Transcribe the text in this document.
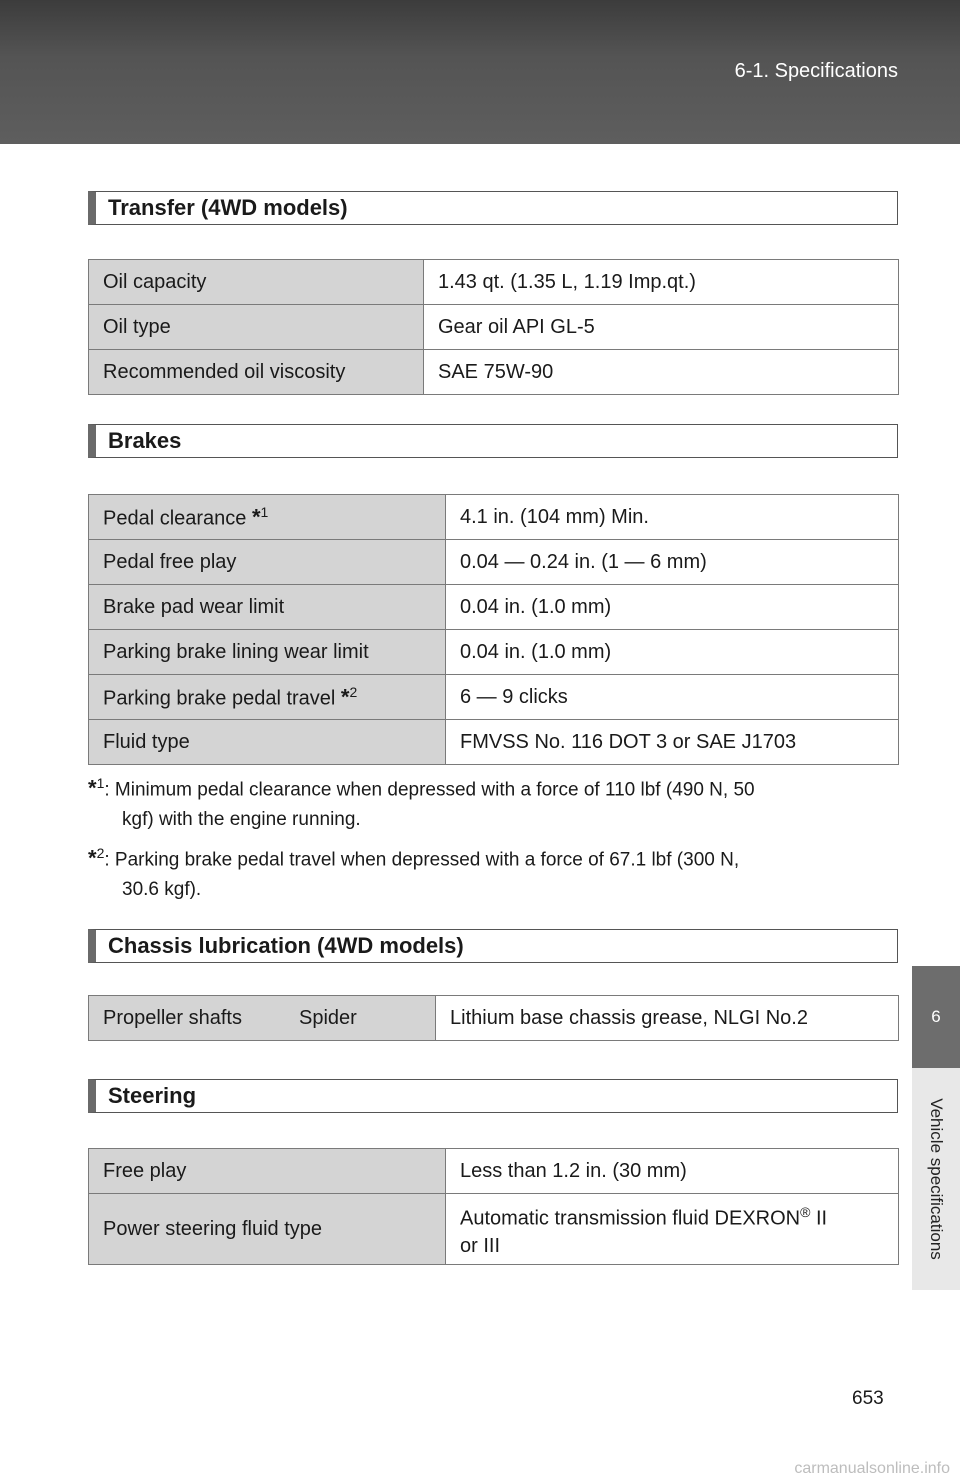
6-1. Specifications
6
Vehicle specifications
Transfer (4WD models)
Oil capacity	1.43 qt. (1.35 L, 1.19 Imp.qt.)
Oil type	Gear oil API GL-5
Recommended oil viscosity	SAE 75W-90
Brakes
Pedal clearance *$^1$	4.1 in. (104 mm) Min.
Pedal free play	0.04 — 0.24 in. (1 — 6 mm)
Brake pad wear limit	0.04 in. (1.0 mm)
Parking brake lining wear limit	0.04 in. (1.0 mm)
Parking brake pedal travel *$^2$	6 — 9 clicks
Fluid type	FMVSS No. 116 DOT 3 or SAE J1703
*$^1$: Minimum pedal clearance when depressed with a force of 110 lbf (490 N, 50
kgf) with the engine running.
*$^2$: Parking brake pedal travel when depressed with a force of 67.1 lbf (300 N,
30.6 kgf).
Chassis lubrication (4WD models)
Propeller shafts	Spider	Lithium base chassis grease, NLGI No.2
Steering
Free play	Less than 1.2 in. (30 mm)
Power steering fluid type	Automatic transmission fluid DEXRON® II
or III
653
carmanualsonline.info
